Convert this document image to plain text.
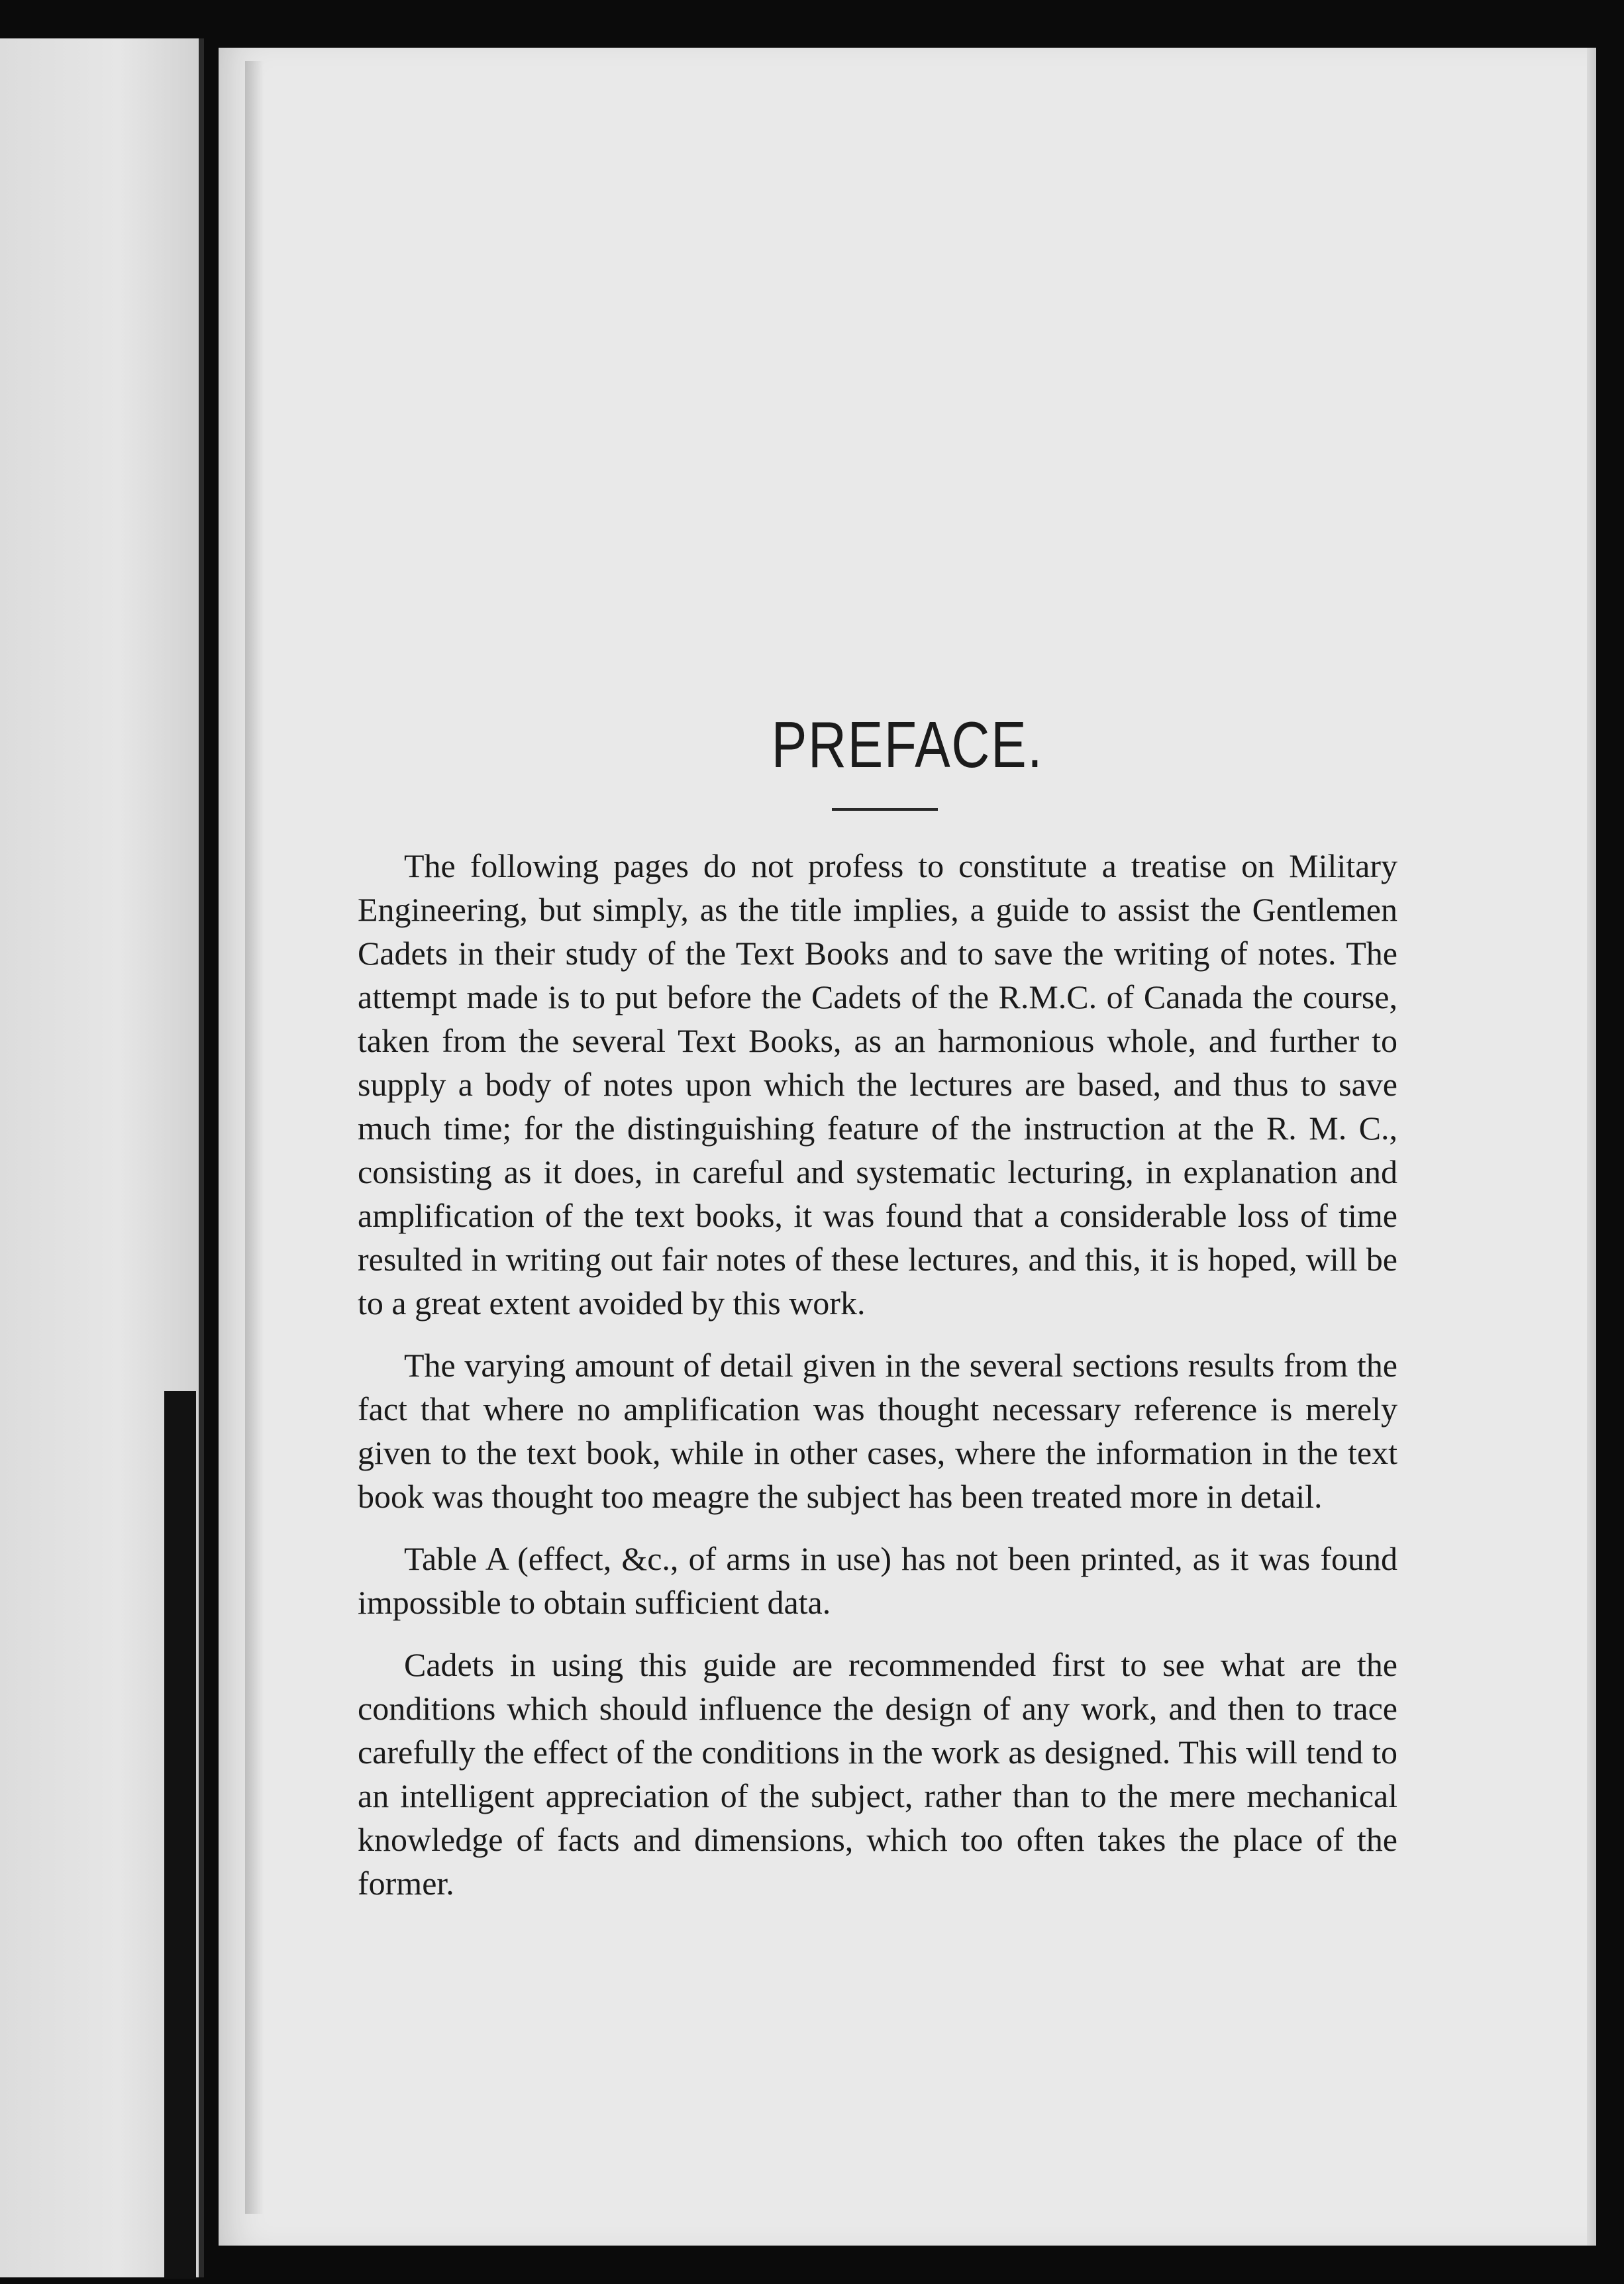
PREFACE.

The following pages do not profess to constitute a treatise on Military Engineering, but simply, as the title implies, a guide to assist the Gentlemen Cadets in their study of the Text Books and to save the writing of notes. The attempt made is to put before the Cadets of the R.M.C. of Canada the course, taken from the several Text Books, as an harmonious whole, and further to supply a body of notes upon which the lectures are based, and thus to save much time; for the distinguishing feature of the instruction at the R. M. C., consisting as it does, in careful and systematic lecturing, in explanation and amplification of the text books, it was found that a considerable loss of time resulted in writing out fair notes of these lectures, and this, it is hoped, will be to a great extent avoided by this work.

The varying amount of detail given in the several sections results from the fact that where no amplification was thought necessary reference is merely given to the text book, while in other cases, where the information in the text book was thought too meagre the subject has been treated more in detail.

Table A (effect, &c., of arms in use) has not been printed, as it was found impossible to obtain sufficient data.

Cadets in using this guide are recommended first to see what are the conditions which should influence the design of any work, and then to trace carefully the effect of the conditions in the work as designed. This will tend to an intelligent appreciation of the subject, rather than to the mere mechanical knowledge of facts and dimensions, which too often takes the place of the former.
